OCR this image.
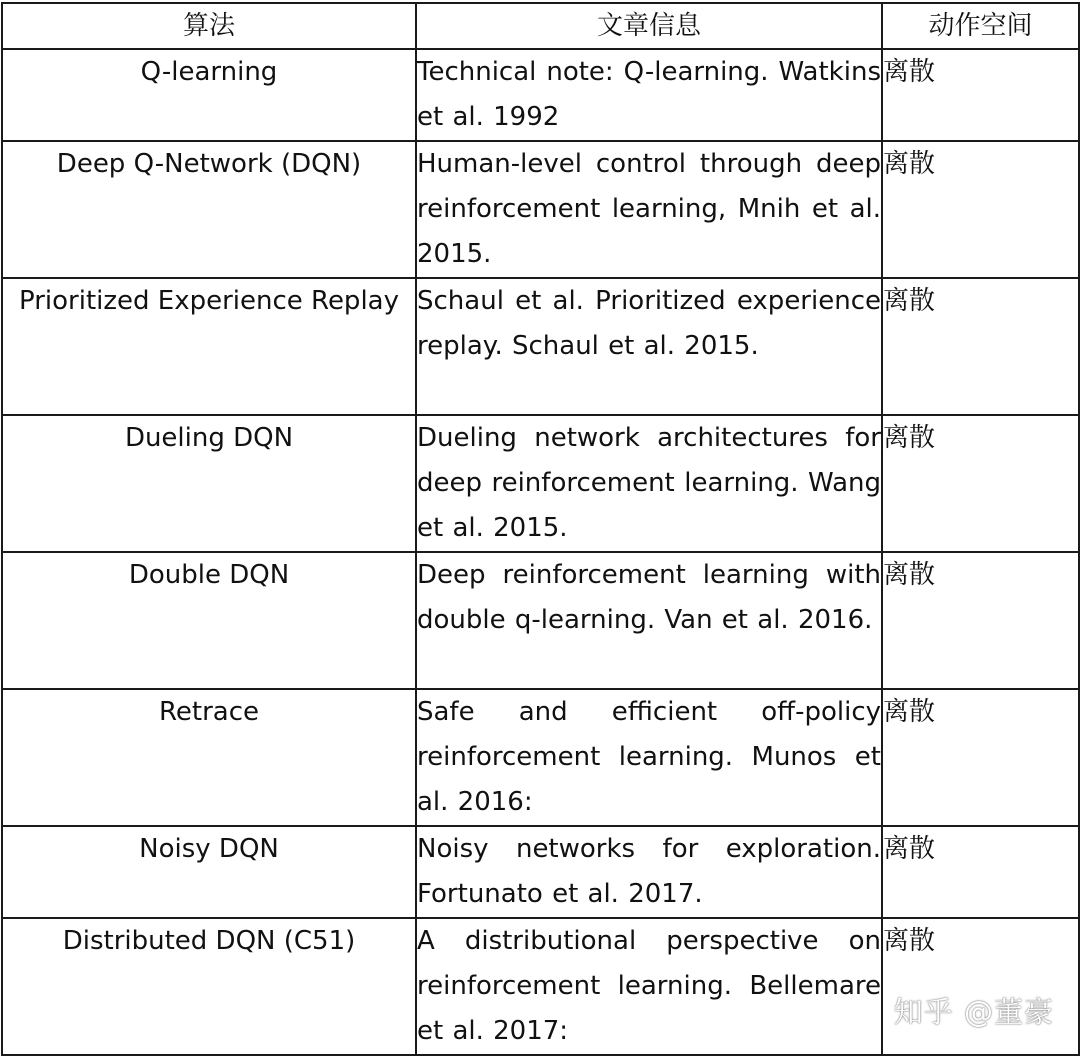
算法	文章信息	动作空间
Q-learning	Technical note: Q-learning. Watkins et al. 1992	离散
Deep Q-Network (DQN)	Human-level control through deep reinforcement learning, Mnih et al. 2015.	离散
Prioritized Experience Replay	Schaul et al. Prioritized experience replay. Schaul et al. 2015.	离散
Dueling DQN	Dueling network architectures for deep reinforcement learning. Wang et al. 2015.	离散
Double DQN	Deep reinforcement learning with double q-learning. Van et al. 2016.	离散
Retrace	Safe and efficient off-policy reinforcement learning. Munos et al. 2016:	离散
Noisy DQN	Noisy networks for exploration. Fortunato et al. 2017.	离散
Distributed DQN (C51)	A distributional perspective on reinforcement learning. Bellemare et al. 2017:	离散
知乎 @董豪
